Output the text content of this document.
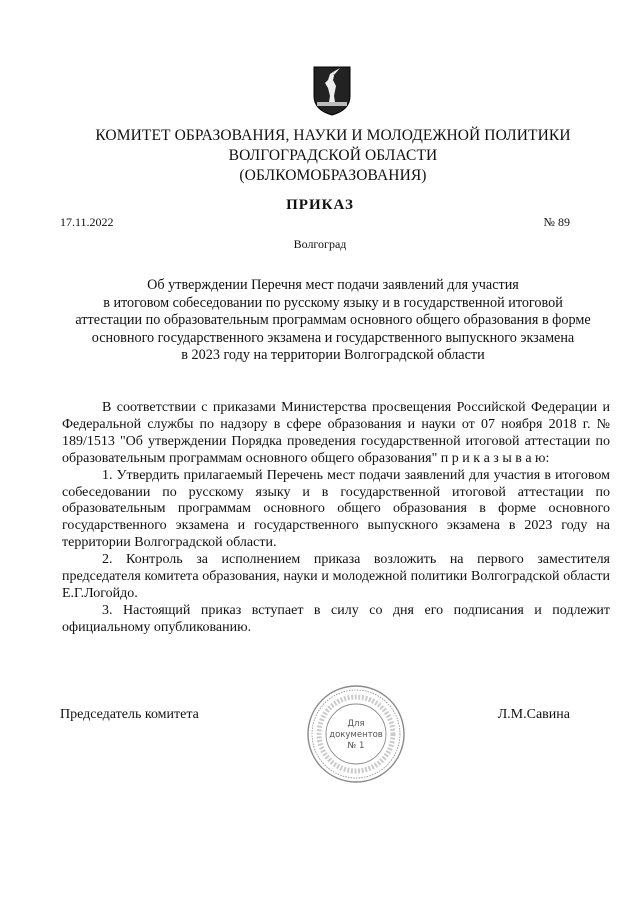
КОМИТЕТ ОБРАЗОВАНИЯ, НАУКИ И МОЛОДЕЖНОЙ ПОЛИТИКИ
ВОЛГОГРАДСКОЙ ОБЛАСТИ
(ОБЛКОМОБРАЗОВАНИЯ)
ПРИКАЗ
17.11.2022	№ 89
Волгоград
Об утверждении Перечня мест подачи заявлений для участия
в итоговом собеседовании по русскому языку и в государственной итоговой
аттестации по образовательным программам основного общего образования в форме
основного государственного экзамена и государственного выпускного экзамена
в 2023 году на территории Волгоградской области

В соответствии с приказами Министерства просвещения Российской Федерации и Федеральной службы по надзору в сфере образования и науки от 07 ноября 2018 г. № 189/1513 "Об утверждении Порядка проведения государственной итоговой аттестации по образовательным программам основного общего образования" п р и к а з ы в а ю:

1. Утвердить прилагаемый Перечень мест подачи заявлений для участия в итоговом собеседовании по русскому языку и в государственной итоговой аттестации по образовательным программам основного общего образования в форме основного государственного экзамена и государственного выпускного экзамена в 2023 году на территории Волгоградской области.

2. Контроль за исполнением приказа возложить на первого заместителя председателя комитета образования, науки и молодежной политики Волгоградской области Е.Г.Логойдо.

3. Настоящий приказ вступает в силу со дня его подписания и подлежит официальному опубликованию.

Председатель комитета	Л.М.Савина
Для
документов
№ 1
